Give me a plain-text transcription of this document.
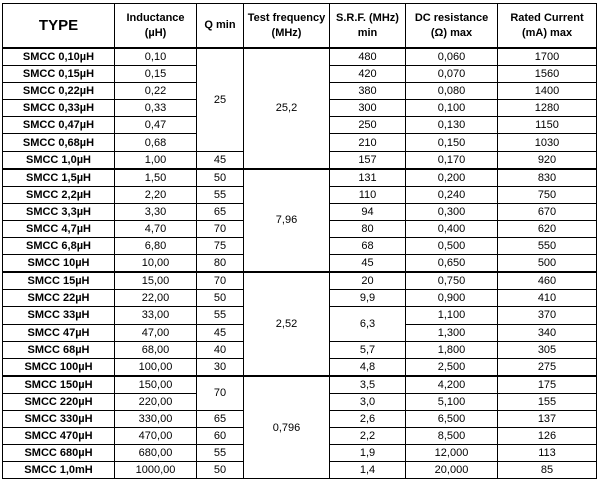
TYPE	Inductance (µH)	Q min	Test frequency (MHz)	S.R.F. (MHz) min	DC resistance (Ω) max	Rated Current (mA) max
SMCC 0,10µH	0,10	25	25,2	480	0,060	1700
SMCC 0,15µH	0,15			420	0,070	1560
SMCC 0,22µH	0,22			380	0,080	1400
SMCC 0,33µH	0,33			300	0,100	1280
SMCC 0,47µH	0,47			250	0,130	1150
SMCC 0,68µH	0,68			210	0,150	1030
SMCC 1,0µH	1,00	45		157	0,170	920
SMCC 1,5µH	1,50	50	7,96	131	0,200	830
SMCC 2,2µH	2,20	55		110	0,240	750
SMCC 3,3µH	3,30	65		94	0,300	670
SMCC 4,7µH	4,70	70		80	0,400	620
SMCC 6,8µH	6,80	75		68	0,500	550
SMCC 10µH	10,00	80		45	0,650	500
SMCC 15µH	15,00	70	2,52	20	0,750	460
SMCC 22µH	22,00	50		9,9	0,900	410
SMCC 33µH	33,00	55		6,3	1,100	370
SMCC 47µH	47,00	45			1,300	340
SMCC 68µH	68,00	40		5,7	1,800	305
SMCC 100µH	100,00	30		4,8	2,500	275
SMCC 150µH	150,00	70	0,796	3,5	4,200	175
SMCC 220µH	220,00			3,0	5,100	155
SMCC 330µH	330,00	65		2,6	6,500	137
SMCC 470µH	470,00	60		2,2	8,500	126
SMCC 680µH	680,00	55		1,9	12,000	113
SMCC 1,0mH	1000,00	50		1,4	20,000	85
